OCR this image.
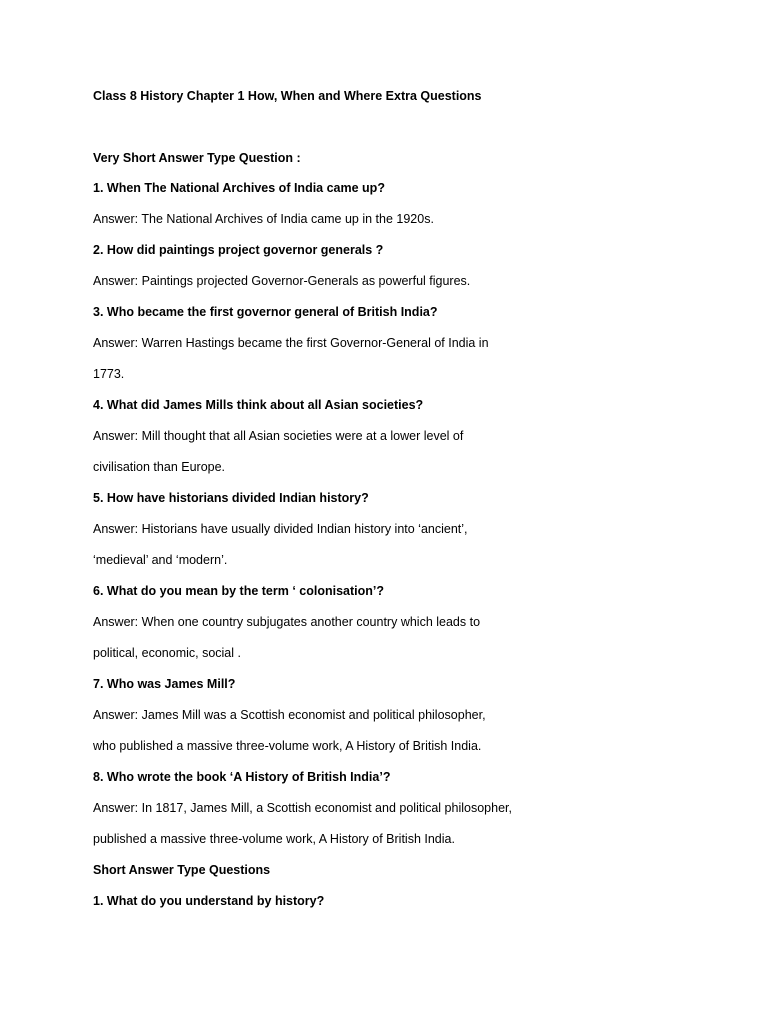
Class 8 History Chapter 1 How, When and Where Extra Questions
Very Short Answer Type Question :
1. When The National Archives of India came up?
Answer: The National Archives of India came up in the 1920s.
2. How did paintings project governor generals ?
Answer: Paintings projected Governor-Generals as powerful figures.
3. Who became the first governor general of British India?
Answer: Warren Hastings became the first Governor-General of India in
1773.
4. What did James Mills think about all Asian societies?
Answer: Mill thought that all Asian societies were at a lower level of
civilisation than Europe.
5. How have historians divided Indian history?
Answer: Historians have usually divided Indian history into ‘ancient’,
‘medieval’ and ‘modern’.
6. What do you mean by the term ‘ colonisation’?
Answer: When one country subjugates another country which leads to
political, economic, social .
7. Who was James Mill?
Answer: James Mill was a Scottish economist and political philosopher,
who published a massive three-volume work, A History of British India.
8. Who wrote the book ‘A History of British India’?
Answer: In 1817, James Mill, a Scottish economist and political philosopher,
published a massive three-volume work, A History of British India.
Short Answer Type Questions
1. What do you understand by history?
